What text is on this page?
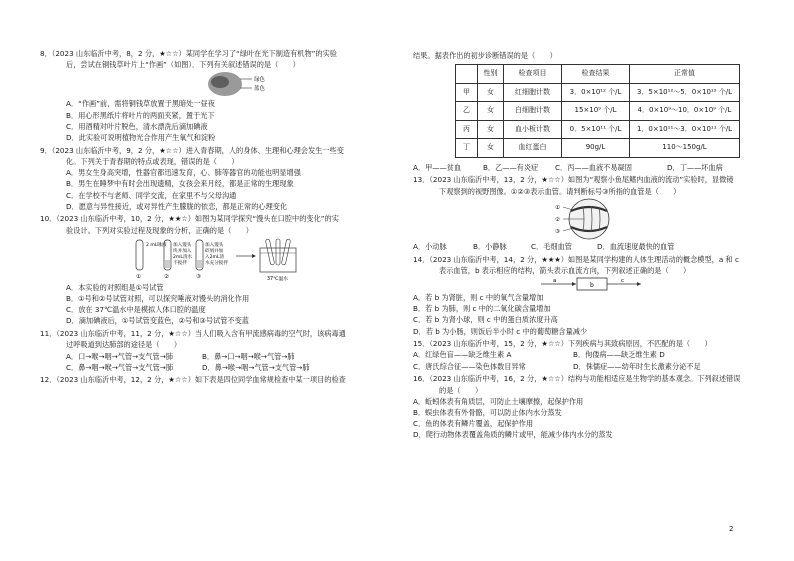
8．（2023 山东临沂中考，8，2 分，★☆☆）某同学在学习了“绿叶在光下制造有机物”的实验
后，尝试在铜钱草叶片上“作画”（如图）．下列有关叙述错误的是（　　）
绿色
蓝色
A．“作画”前，需将铜钱草放置于黑暗处一昼夜
B．用心形黑纸片将叶片的两面夹紧，置于光下
C．用酒精对叶片脱色，清水漂洗后滴加碘液
D．此实验可说明植物光合作用产生氧气和淀粉
9．（2023 山东临沂中考，9，2 分，★☆☆）进入青春期，人的身体、生理和心理会发生一些变
化。下列关于青春期的特点或表现，错误的是（　　）
A．男女生身高突增，性器官都迅速发育，心、肺等器官的功能也明显增强
B．男生在睡梦中有时会出现遗精，女孩会来月经，都是正常的生理现象
C．在学校不与老师、同学交流，在家里不与父母沟通
D．愿意与异性接近，或对异性产生朦胧的依恋，都是正常的心理变化
10．（2023 山东临沂中考，10，2 分，★★☆）如图为某同学探究“馒头在口腔中的变化”的实
验设计。下列对实验过程及现象的分析，正确的是（　　）
2 mL唾液 加入馒头
块并加入
2mL清水
不搅拌
加入馒头
碎屑并加
入2mL清
水充分搅拌
①	②	③	37℃温水
A．本实验的对照组是①号试管
B．①号和②号试管对照，可以探究唾液对馒头的消化作用
C．放在 37℃温水中是模拟人体口腔的温度
D．滴加碘液后，①号试管变蓝色，②号和③号试管不变蓝
11．（2023 山东临沂中考，11，2 分，★☆☆）当人们吸入含有甲流感病毒的空气时，该病毒通
过呼吸道到达肺部的途径是（　　）
A．口→喉→咽→气管→支气管→肺	B．鼻→口→咽→喉→气管→肺
C．鼻→咽→喉→气管→支气管→肺	D．鼻→喉→咽→气管→支气管→肺
12．（2023 山东临沂中考，12，2 分，★☆☆）如下表是四位同学血常规检查中某一项目的检查
结果。据表作出的初步诊断错误的是（　　）
	性别	检查项目	检查结果	正常值
甲	女	红细胞计数	3．0×10¹² 个/L	3．5×10¹²～5．0×10¹² 个/L
乙	女	白细胞计数	15×10⁹ 个/L	4．0×10⁹～10．0×10⁹ 个/L
丙	女	血小板计数	0．5×10¹¹ 个/L	1．0×10¹¹～3．0×10¹¹ 个/L
丁	女	血红蛋白	90g/L	110～150g/L
A．甲——贫血	B．乙——有炎症	C．丙——血液不易凝固	D．丁——坏血病
13．（2023 山东临沂中考，13，2 分，★☆☆）如图为“观察小鱼尾鳍内血液的流动”实验时，显微镜
下观察到的视野图像。①②③表示血管。请判断标号③所指的血管是（　　）
①
②
③
A．小动脉	B．小静脉	C．毛细血管	D．血流速度最快的血管
14．（2023 山东临沂中考，14，2 分，★★★）如图是某同学构建的人体生理活动的概念模型，a 和 c
表示血管，b 表示相应的结构，箭头表示血流方向，下列叙述正确的是（　　）
a
b
c
A．若 b 为肾脏，则 c 中的氧气含量增加
B．若 b 为肺，则 c 中的二氧化碳含量增加
C．若 b 为肾小球，则 c 中的蛋白质浓度升高
D．若 b 为小肠，则饭后半小时 c 中的葡萄糖含量减少
15．（2023 山东临沂中考，15，2 分，★☆☆）下列疾病与其致病原因，不匹配的是（　　）
A．红绿色盲——缺乏维生素 A	B．佝偻病——缺乏维生素 D
C．唐氏综合征——染色体数目异常	D．侏儒症——幼年时生长激素分泌不足
16．（2023 山东临沂中考，16，2 分，★☆☆）结构与功能相适应是生物学的基本观念。下列叙述错误
的是（　　）
A．蚯蚓体表有角质层，可防止土壤摩擦，起保护作用
B．蜈虫体表有外骨骼，可以防止体内水分蒸发
C．鱼的体表有鳞片覆盖，起保护作用
D．爬行动物体表覆盖角质的鳞片或甲，能减少体内水分的蒸发
2
